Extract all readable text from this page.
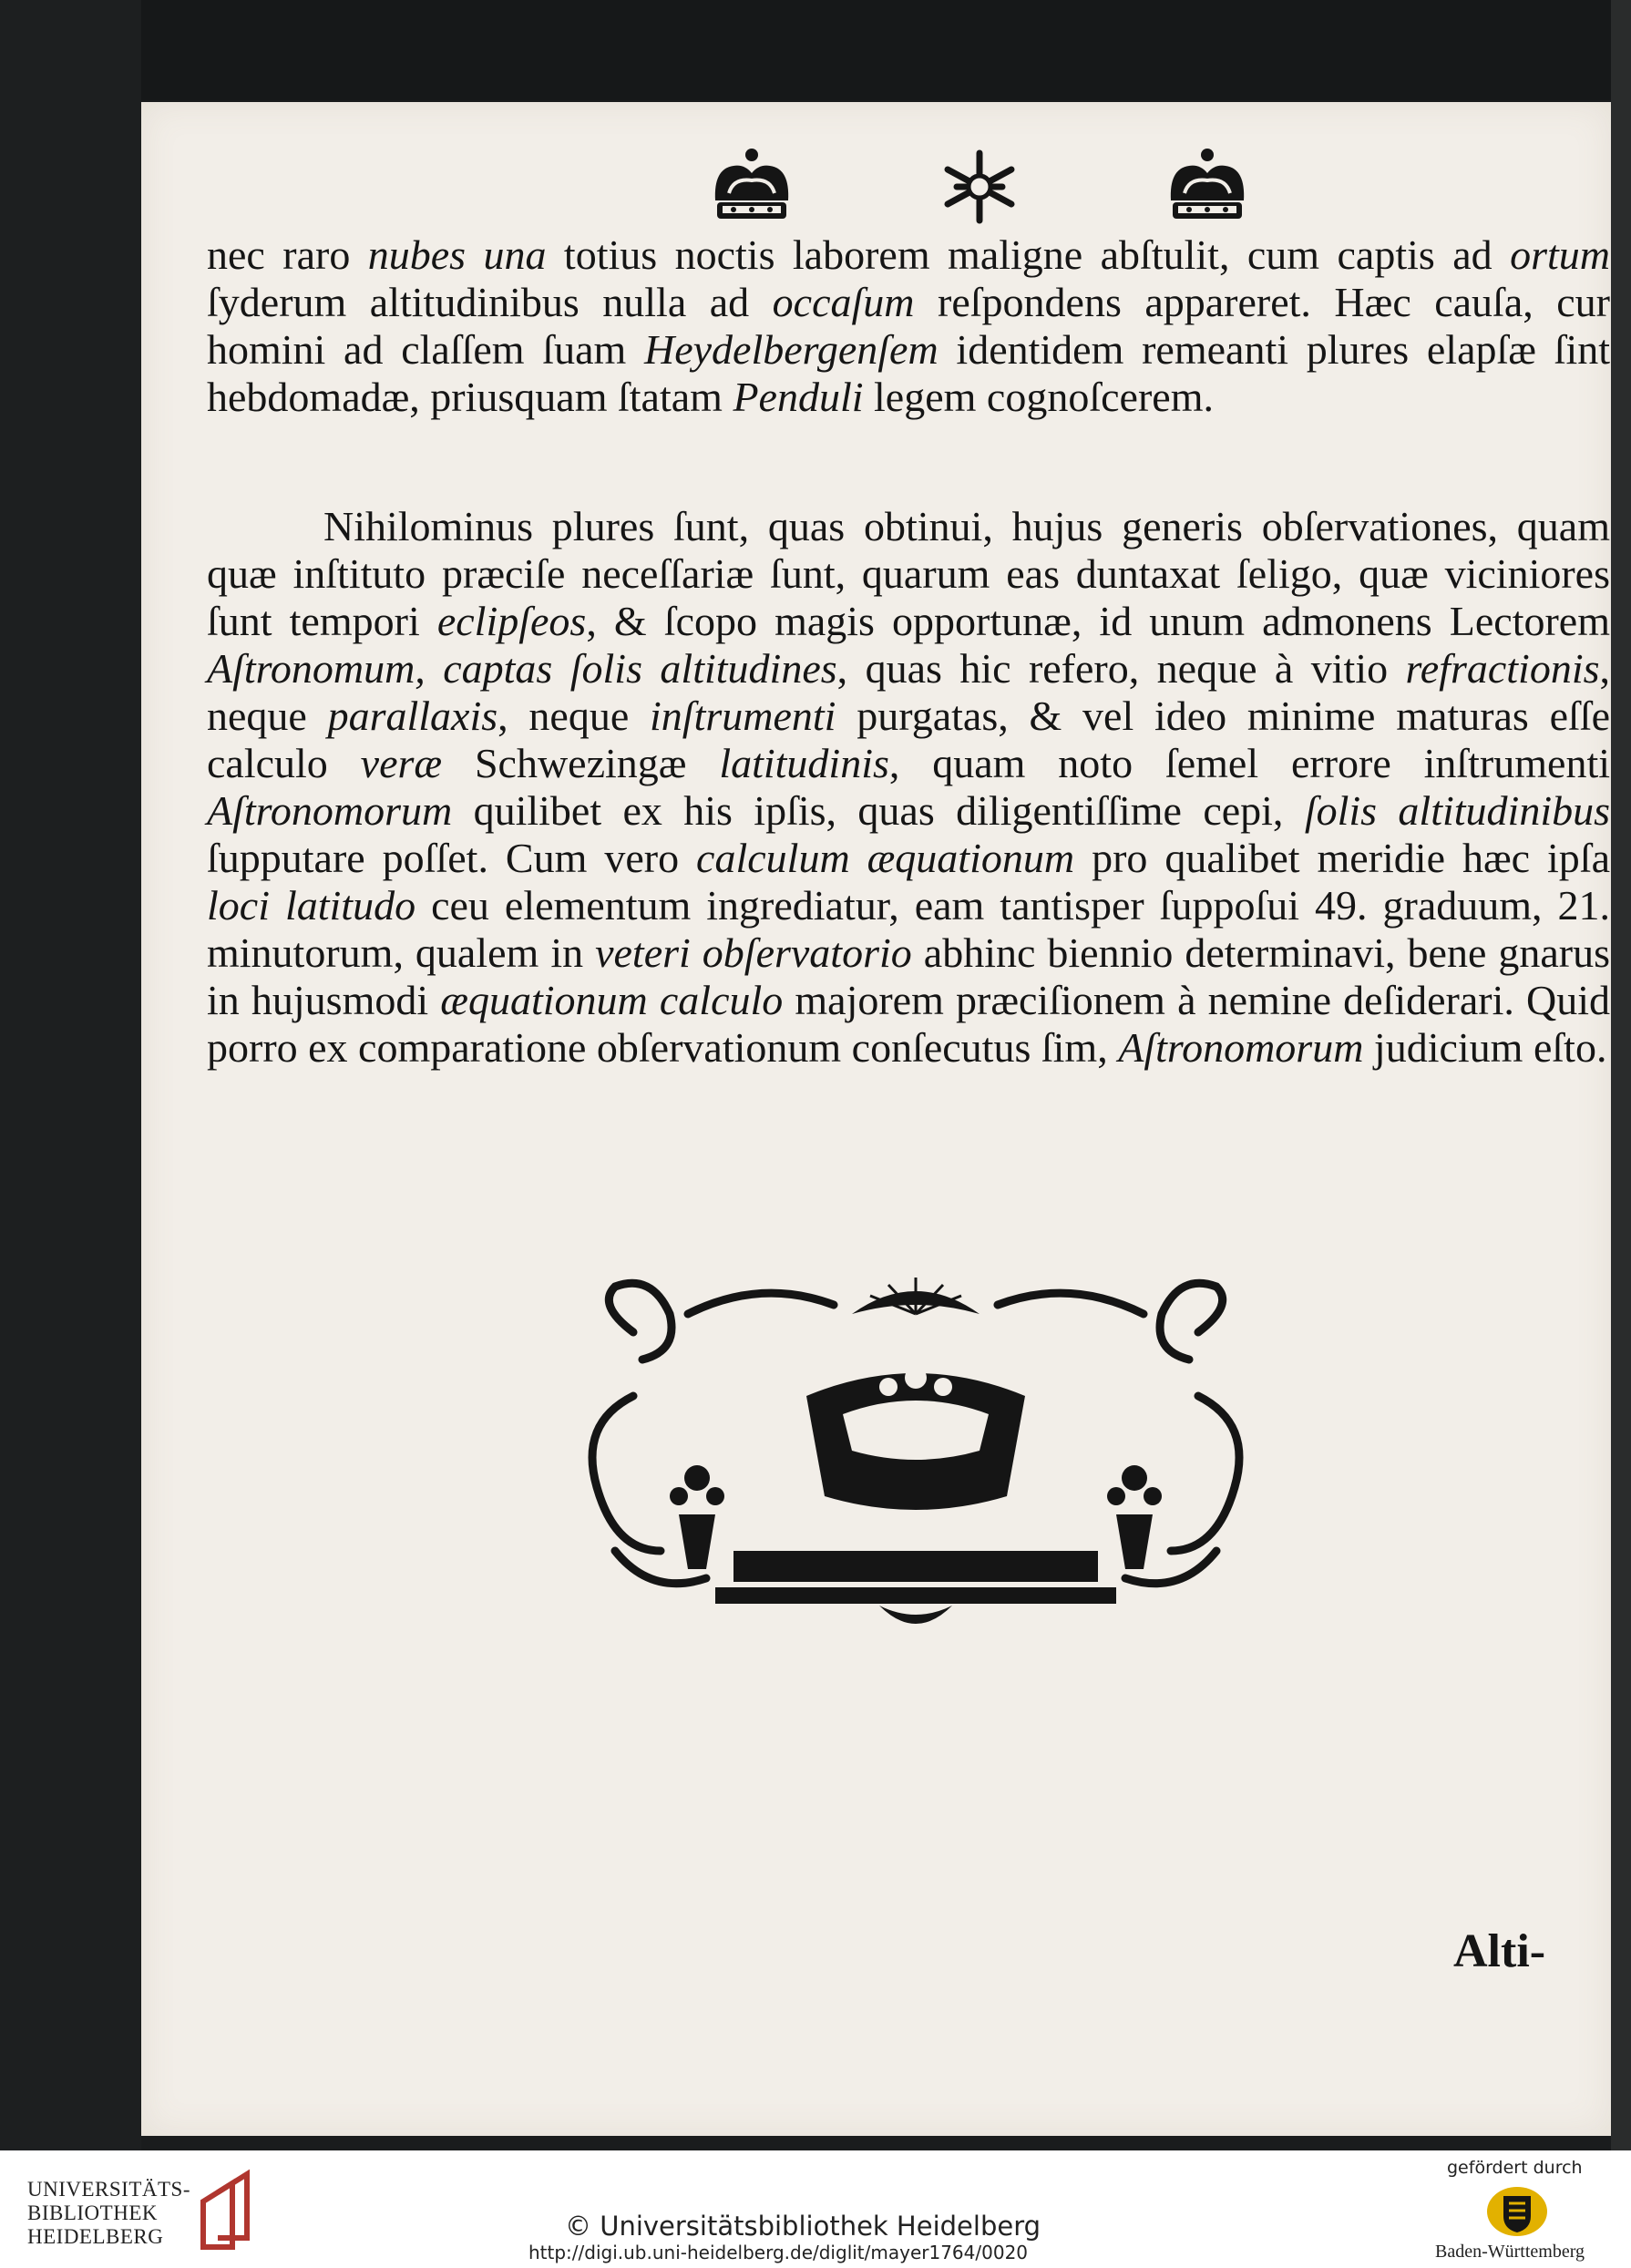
nec raro nubes una totius noctis laborem maligne abſtulit, cum captis ad ortum ſyderum altitudinibus nulla ad occaſum reſpondens appareret. Hæc cauſa, cur homini ad claſſem ſuam Heydelbergenſem identidem remeanti plures elapſæ ſint hebdomadæ, priusquam ſtatam Penduli legem cognoſcerem.

Nihilominus plures ſunt, quas obtinui, hujus generis obſervationes, quam quæ inſtituto præciſe neceſſariæ ſunt, quarum eas duntaxat ſeligo, quæ viciniores ſunt tempori eclipſeos, & ſcopo magis opportunæ, id unum admonens Lectorem Aſtronomum, captas ſolis altitudines, quas hic refero, neque à vitio refractionis, neque parallaxis, neque inſtrumenti purgatas, & vel ideo minime maturas eſſe calculo veræ Schwezingæ latitudinis, quam noto ſemel errore inſtrumenti Aſtronomorum quilibet ex his ipſis, quas diligentiſſime cepi, ſolis altitudinibus ſupputare poſſet. Cum vero calculum æquationum pro qualibet meridie hæc ipſa loci latitudo ceu elementum ingrediatur, eam tantisper ſuppoſui 49. graduum, 21. minutorum, qualem in veteri obſervatorio abhinc biennio determinavi, bene gnarus in hujusmodi æquationum calculo majorem præciſionem à nemine deſiderari. Quid porro ex comparatione obſervationum conſecutus ſim, Aſtronomorum judicium eſto.

Alti-
UNIVERSITÄTS-
BIBLIOTHEK
HEIDELBERG	© Universitätsbibliothek Heidelberg
http://digi.ub.uni-heidelberg.de/diglit/mayer1764/0020
gefördert durch
Baden-Württemberg
